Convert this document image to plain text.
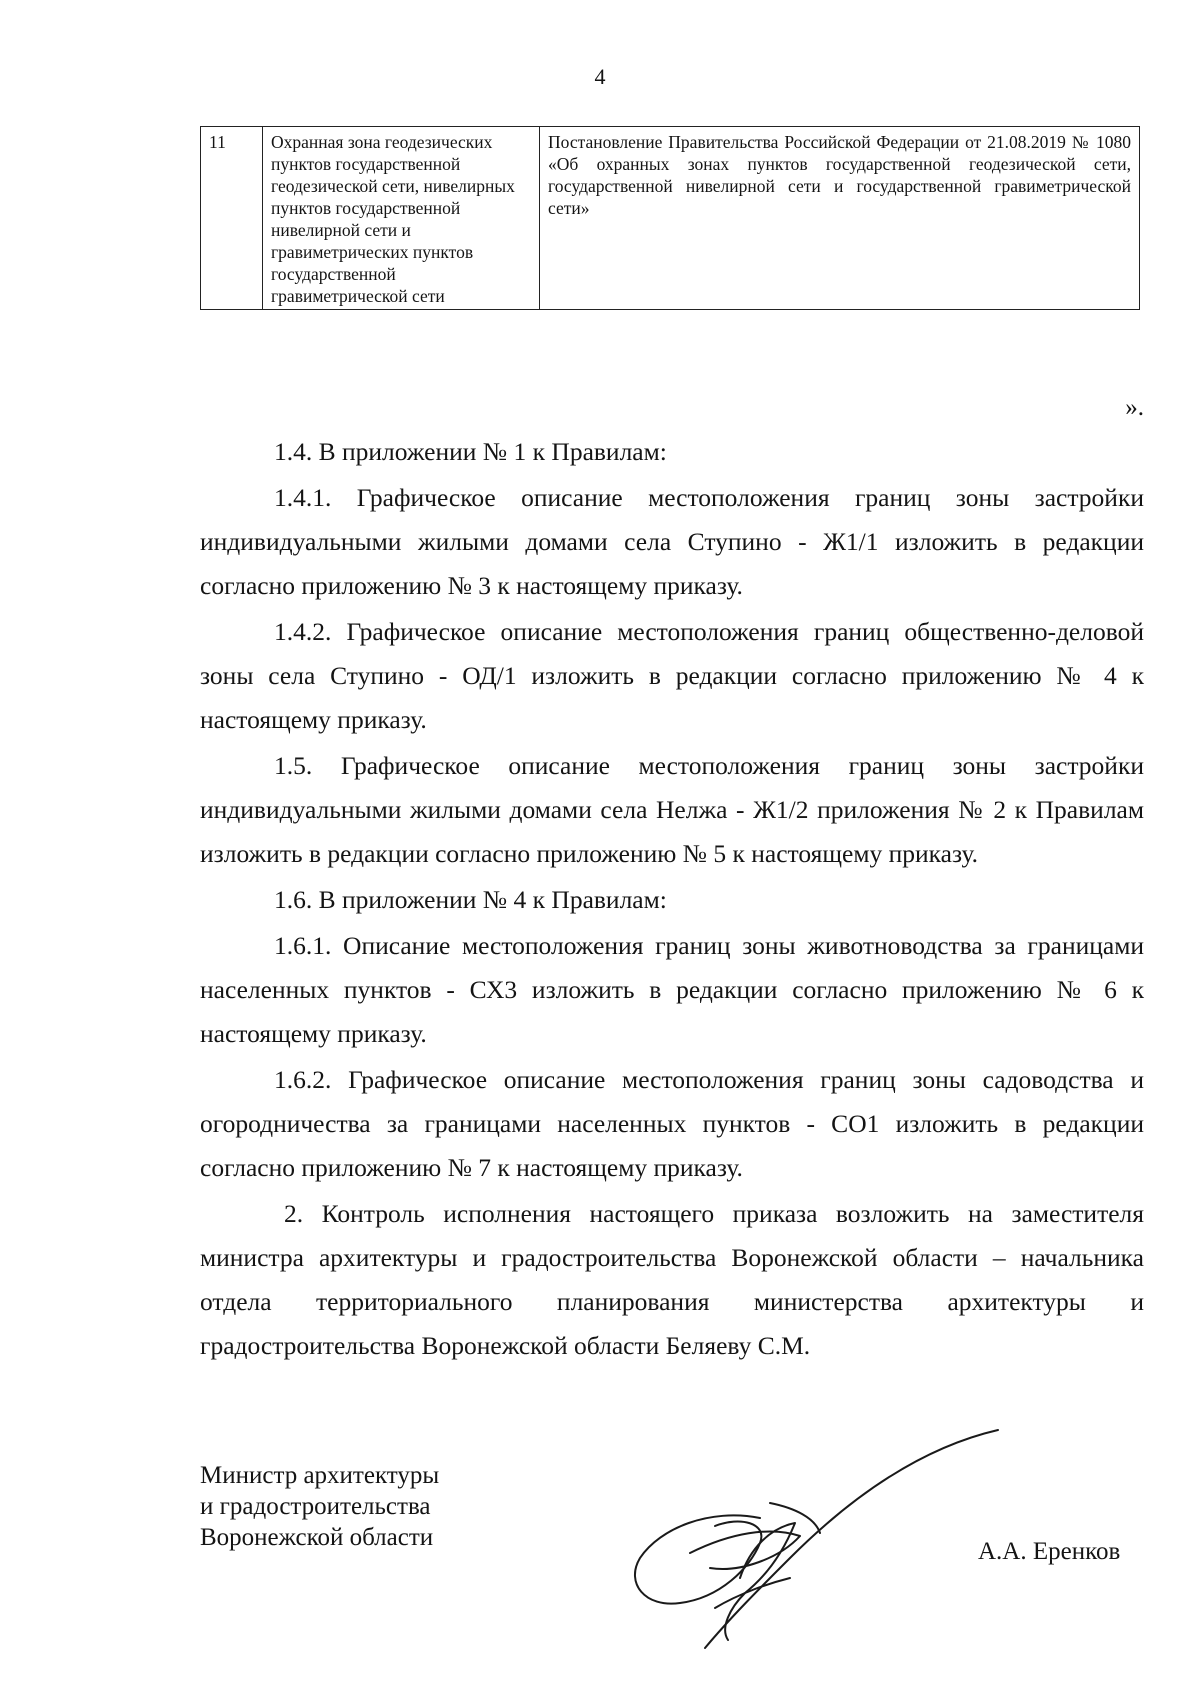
4
11	Охранная зона геодезических пунктов государственной геодезической сети, нивелирных пунктов государственной нивелирной сети и гравиметрических пунктов государственной гравиметрической сети	Постановление Правительства Российской Федерации от 21.08.2019 № 1080 «Об охранных зонах пунктов государственной геодезической сети, государственной нивелирной сети и государственной гравиметрической сети»
».

1.4. В приложении № 1 к Правилам:

1.4.1. Графическое описание местоположения границ зоны застройки индивидуальными жилыми домами села Ступино - Ж1/1 изложить в редакции согласно приложению № 3 к настоящему приказу.

1.4.2. Графическое описание местоположения границ общественно-деловой зоны села Ступино - ОД/1 изложить в редакции согласно приложению № 4 к настоящему приказу.

1.5. Графическое описание местоположения границ зоны застройки индивидуальными жилыми домами села Нелжа - Ж1/2 приложения № 2 к Правилам изложить в редакции согласно приложению № 5 к настоящему приказу.

1.6. В приложении № 4 к Правилам:

1.6.1. Описание местоположения границ зоны животноводства за границами населенных пунктов - СХ3 изложить в редакции согласно приложению № 6 к настоящему приказу.

1.6.2. Графическое описание местоположения границ зоны садоводства и огородничества за границами населенных пунктов - СО1 изложить в редакции согласно приложению № 7 к настоящему приказу.

2. Контроль исполнения настоящего приказа возложить на заместителя министра архитектуры и градостроительства Воронежской области – начальника отдела территориального планирования министерства архитектуры и градостроительства Воронежской области Беляеву С.М.

Министр архитектуры
и градостроительства
Воронежской области
А.А. Еренков
